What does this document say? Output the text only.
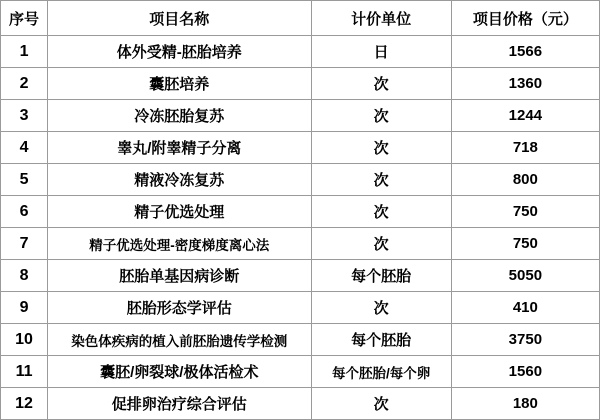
序号	项目名称	计价单位	项目价格（元）
1	体外受精-胚胎培养	日	1566
2	囊胚培养	次	1360
3	冷冻胚胎复苏	次	1244
4	睾丸/附睾精子分离	次	718
5	精液冷冻复苏	次	800
6	精子优选处理	次	750
7	精子优选处理-密度梯度离心法	次	750
8	胚胎单基因病诊断	每个胚胎	5050
9	胚胎形态学评估	次	410
10	染色体疾病的植入前胚胎遗传学检测	每个胚胎	3750
11	囊胚/卵裂球/极体活检术	每个胚胎/每个卵	1560
12	促排卵治疗综合评估	次	180
